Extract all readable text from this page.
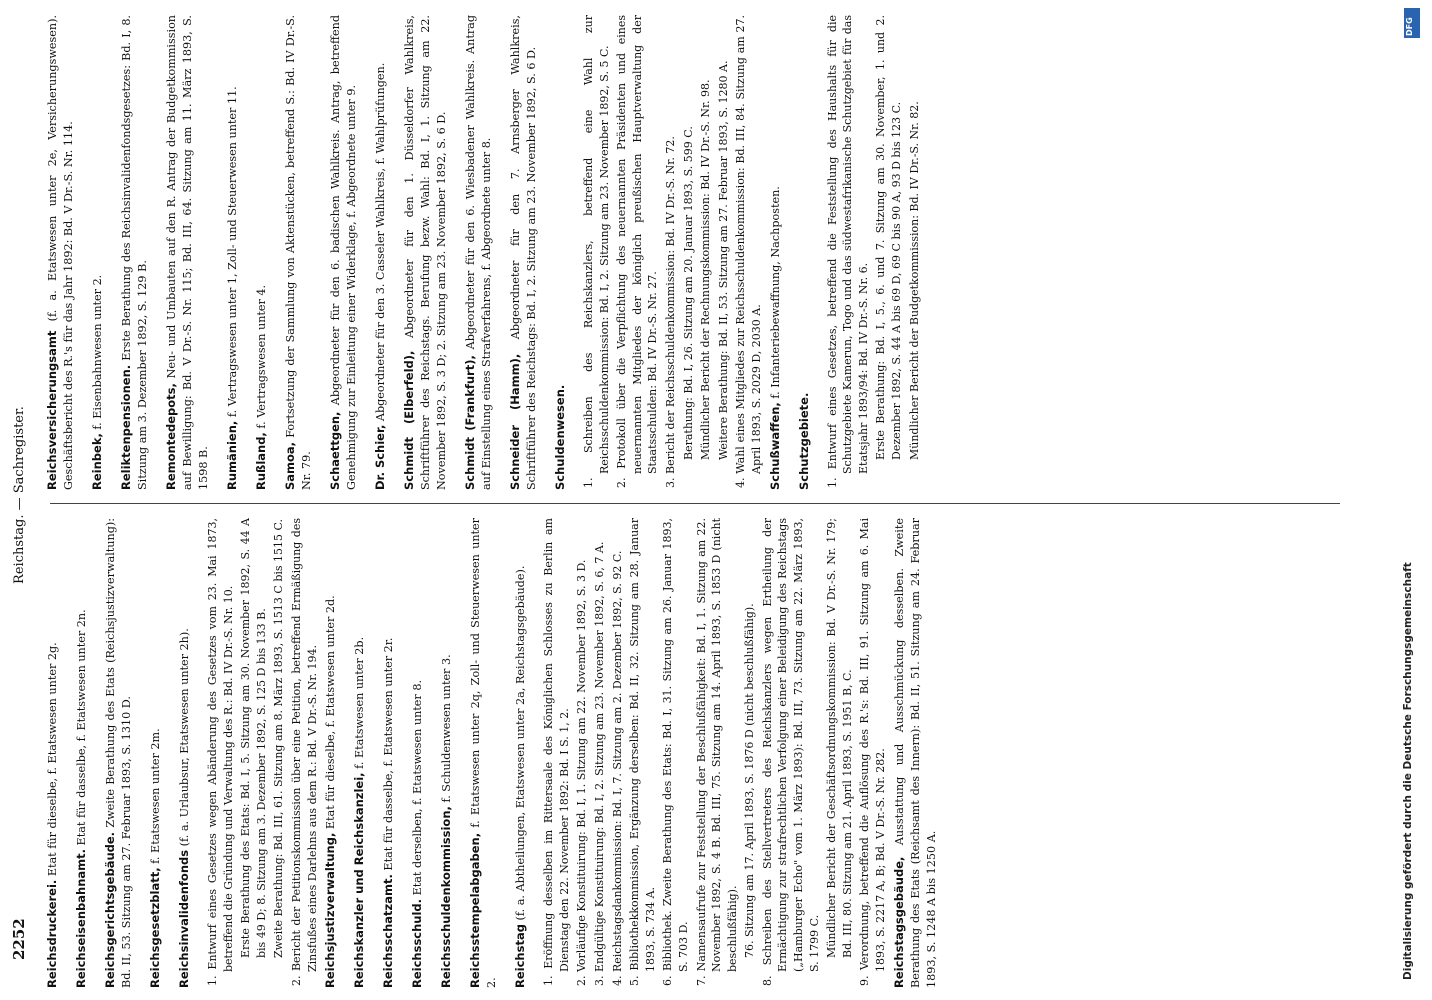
2252
Reichstag. — Sachregister.

Reichsdruckerei. Etat für dieselbe, f. Etatswesen unter 2g.

Reichseisenbahnamt. Etat für dasselbe, f. Etatswesen unter 2n.

Reichsgerichtsgebäude. Zweite Berathung des Etats (Reichsjustizverwaltung): Bd. II, 53. Sitzung am 27. Februar 1893, S. 1310 D. Reichsgesetzblatt, f. Etatswesen unter 2m.

Reichsinvalidenfonds (f. a. Urlaubsur, Etatswesen unter 2h). 1. Entwurf eines Gesetzes wegen Abänderung des Gesetzes vom 23. Mai 1873, betreffend die Gründung und Verwaltung des R.: Bd. IV Dr.-S. Nr. 10. Erste Berathung des Etats: Bd. I, 5. Sitzung am 30. November 1892, S. 44 A bis 49 D; 8. Sitzung am 3. Dezember 1892, S. 125 D bis 133 B. Zweite Berathung: Bd. III, 61. Sitzung am 8. März 1893, S. 1513 C bis 1515 C. 2. Bericht der Petitionskommission über eine Petition, betreffend Ermäßigung des Zinsfußes eines Darlehns aus dem R.: Bd. V Dr.-S. Nr. 194. Reichsjustizverwaltung, Etat für dieselbe, f. Etatswesen unter 2d.

Reichskanzler und Reichskanzlei, f. Etatswesen unter 2b.

Reichsschatzamt. Etat für dasselbe, f. Etatswesen unter 2r.

Reichsschuld. Etat derselben, f. Etatswesen unter 8.

Reichsschuldenkommission, f. Schuldenwesen unter 3.

Reichsstempelabgaben, f. Etatswesen unter 2q, Zoll- und Steuerwesen unter 2. Reichstag (f. a. Abtheilungen, Etatswesen unter 2a, Reichstagsgebäude). 1. Eröffnung desselben im Rittersaale des Königlichen Schlosses zu Berlin am Dienstag den 22. November 1892: Bd. I S. 1, 2. 2. Vorläufige Konstituirung: Bd. I, 1. Sitzung am 22. November 1892, S. 3 D. 3. Endgültige Konstituirung: Bd. I, 2. Sitzung am 23. November 1892, S. 6, 7 A. 4. Reichstagsdankommission: Bd. I, 7. Sitzung am 2. Dezember 1892, S. 92 C. 5. Bibliothekkommission, Ergänzung derselben: Bd. II, 32. Sitzung am 28. Januar 1893, S. 734 A. 6. Bibliothek. Zweite Berathung des Etats: Bd. I, 31. Sitzung am 26. Januar 1893, S. 703 D. 7. Namensaufrufe zur Feststellung der Beschlußfähigkeit: Bd. I, 1. Sitzung am 22. November 1892, S. 4 B. Bd. III, 75. Sitzung am 14. April 1893, S. 1853 D (nicht beschlußfähig). 76. Sitzung am 17. April 1893, S. 1876 D (nicht beschlußfähig). 8. Schreiben des Stellvertreters des Reichskanzlers wegen Ertheilung der Ermächtigung zur strafrechtlichen Verfolgung einer Beleidigung des Reichstags („Hamburger Echo" vom 1. März 1893): Bd. III, 73. Sitzung am 22. März 1893, S. 1799 C. Mündlicher Bericht der Geschäftsordnungskommission: Bd. V Dr.-S. Nr. 179; Bd. III, 80. Sitzung am 21. April 1893, S. 1951 B, C. 9. Verordnung, betreffend die Auflösung des R.'s: Bd. III, 91. Sitzung am 6. Mai 1893, S. 2217 A, B; Bd. V Dr.-S. Nr. 282. Reichstagsgebäude, Ausstattung und Ausschmückung desselben. Zweite Berathung des Etats (Reichsamt des Innern): Bd. II, 51. Sitzung am 24. Februar 1893, S. 1248 A bis 1250 A.

Reichsversicherungsamt (f. a. Etatswesen unter 2e, Versicherungswesen). Geschäftsbericht des R.'s für das Jahr 1892: Bd. V Dr.-S. Nr. 114. Reinbek, f. Eisenbahnwesen unter 2. Reliktenpensionen. Erste Berathung des Reichsinvalidenfondsgesetzes: Bd. I, 8. Sitzung am 3. Dezember 1892, S. 129 B. Remontedepots, Neu- und Umbauten auf den R. Antrag der Budgetkommission auf Bewilligung: Bd. V Dr.-S. Nr. 115; Bd. III, 64. Sitzung am 11. März 1893, S. 1598 B. Rumänien, f. Vertragswesen unter 1, Zoll- und Steuerwesen unter 11.

Rußland, f. Vertragswesen unter 4.

Samoa, Fortsetzung der Sammlung von Aktenstücken, betreffend S.: Bd. IV Dr.-S. Nr. 79. Schaettgen, Abgeordneter für den 6. badischen Wahlkreis. Antrag, betreffend Genehmigung zur Einleitung einer Widerklage, f. Abgeordnete unter 9. Dr. Schier, Abgeordneter für den 3. Casseler Wahlkreis, f. Wahlprüfungen. Schmidt (Elberfeld), Abgeordneter für den 1. Düsseldorfer Wahlkreis, Schriftführer des Reichstags. Berufung bezw. Wahl: Bd. I, 1. Sitzung am 22. November 1892, S. 3 D; 2. Sitzung am 23. November 1892, S. 6 D. Schmidt (Frankfurt), Abgeordneter für den 6. Wiesbadener Wahlkreis. Antrag auf Einstellung eines Strafverfahrens, f. Abgeordnete unter 8. Schneider (Hamm), Abgeordneter für den 7. Arnsberger Wahlkreis, Schriftführer des Reichstags: Bd. I, 2. Sitzung am 23. November 1892, S. 6 D. Schuldenwesen. 1. Schreiben des Reichskanzlers, betreffend eine Wahl zur Reichsschuldenkommission: Bd. I, 2. Sitzung am 23. November 1892, S. 5 C. 2. Protokoll über die Verpflichtung des neuernannten Präsidenten und eines neuernannten Mitgliedes der königlich preußischen Hauptverwaltung der Staatsschulden: Bd. IV Dr.-S. Nr. 27. 3. Bericht der Reichsschuldenkommission: Bd. IV Dr.-S. Nr. 72. Berathung: Bd. I, 26. Sitzung am 20. Januar 1893, S. 599 C. Mündlicher Bericht der Rechnungskommission: Bd. IV Dr.-S. Nr. 98. Weitere Berathung: Bd. II, 53. Sitzung am 27. Februar 1893, S. 1280 A. 4. Wahl eines Mitgliedes zur Reichsschuldenkommission: Bd. III, 84. Sitzung am 27. April 1893, S. 2029 D, 2030 A. Schußwaffen, f. Infanteriebewaffnung, Nachposten.

Schutzgebiete. 1. Entwurf eines Gesetzes, betreffend die Feststellung des Haushalts für die Schutzgebiete Kamerun, Togo und das südwestafrikanische Schutzgebiet für das Etatsjahr 1893/94: Bd. IV Dr.-S. Nr. 6. Erste Berathung: Bd. I, 5., 6. und 7. Sitzung am 30. November, 1. und 2. Dezember 1892, S. 44 A bis 69 D, 69 C bis 90 A, 93 D bis 123 C. Mündlicher Bericht der Budgetkommission: Bd. IV Dr.-S. Nr. 82.

DFG
Digitalisierung gefördert durch die Deutsche Forschungsgemeinschaft
